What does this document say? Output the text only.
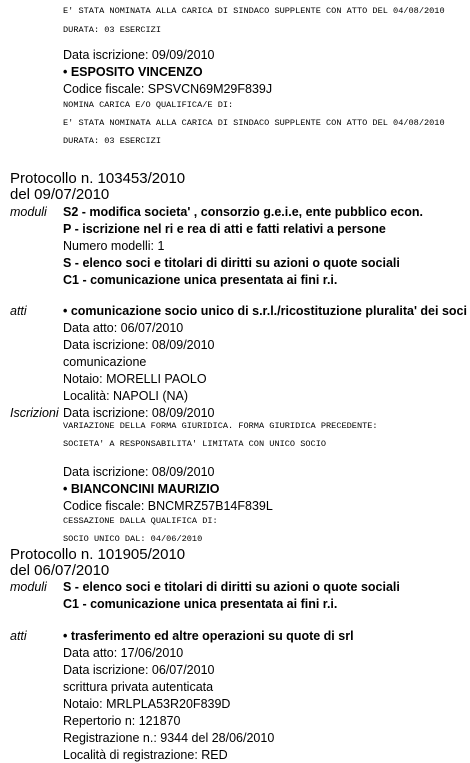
E' STATA NOMINATA ALLA CARICA DI SINDACO SUPPLENTE CON ATTO DEL 04/08/2010
DURATA: 03 ESERCIZI
Data iscrizione: 09/09/2010
• ESPOSITO VINCENZO
Codice fiscale: SPSVCN69M29F839J
NOMINA CARICA E/O QUALIFICA/E DI:
E' STATA NOMINATA ALLA CARICA DI SINDACO SUPPLENTE CON ATTO DEL 04/08/2010
DURATA: 03 ESERCIZI
Protocollo n. 103453/2010
del 09/07/2010
moduli S2 - modifica societa' , consorzio g.e.i.e, ente pubblico econ.
P - iscrizione nel ri e rea di atti e fatti relativi a persone
Numero modelli: 1
S - elenco soci e titolari di diritti su azioni o quote sociali
C1 - comunicazione unica presentata ai fini r.i.
atti	• comunicazione socio unico di s.r.l./ricostituzione pluralita' dei soci
Data atto: 06/07/2010
Data iscrizione: 08/09/2010
comunicazione
Notaio: MORELLI PAOLO
Località: NAPOLI (NA)
Iscrizioni Data iscrizione: 08/09/2010
VARIAZIONE DELLA FORMA GIURIDICA. FORMA GIURIDICA PRECEDENTE:
SOCIETA' A RESPONSABILITA' LIMITATA CON UNICO SOCIO
Data iscrizione: 08/09/2010
• BIANCONCINI MAURIZIO
Codice fiscale: BNCMRZ57B14F839L
CESSAZIONE DALLA QUALIFICA DI:
SOCIO UNICO DAL: 04/06/2010
Protocollo n. 101905/2010
del 06/07/2010
moduli S - elenco soci e titolari di diritti su azioni o quote sociali
C1 - comunicazione unica presentata ai fini r.i.
atti	• trasferimento ed altre operazioni su quote di srl
Data atto: 17/06/2010
Data iscrizione: 06/07/2010
scrittura privata autenticata
Notaio: MRLPLA53R20F839D
Repertorio n: 121870
Registrazione n.: 9344 del 28/06/2010
Località di registrazione: RED
